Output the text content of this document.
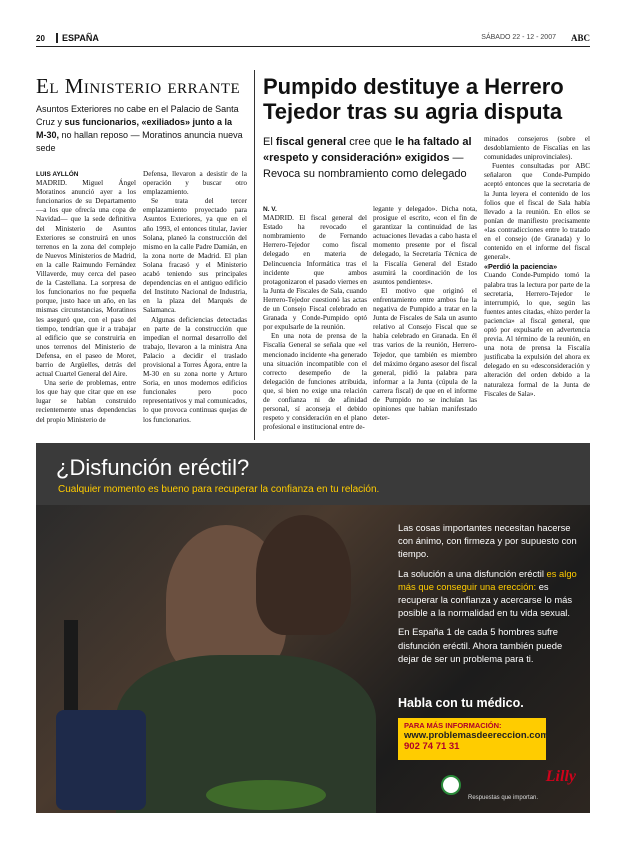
20	ESPAÑA	SÁBADO 22 - 12 - 2007 ABC
El Ministerio errante
Asuntos Exteriores no cabe en el Palacio de Santa Cruz y sus funcionarios, «exiliados» junto a la M-30, no hallan reposo — Moratinos anuncia nueva sede
LUIS AYLLÓN

MADRID. Miguel Ángel Moratinos anunció ayer a los funcionarios de su Departamento —a los que ofrecía una copa de Navidad— que la sede definitiva del Ministerio de Asuntos Exteriores se construirá en unos terrenos en la zona del complejo de Nuevos Ministerios de Madrid, en la calle Raimundo Fernández Villaverde, muy cerca del paseo de la Castellana. La sorpresa de los funcionarios no fue pequeña porque, justo hace un año, en las mismas circunstancias, Moratinos les aseguró que, con el paso del tiempo, tendrían que ir a trabajar al edificio que se construiría en unos terrenos del Ministerio de Defensa, en el paseo de Moret, barrio de Argüelles, detrás del actual Cuartel General del Aire.

Una serie de problemas, entre los que hay que citar que en ese lugar se habían construido recientemente unas dependencias del propio Ministerio de

Defensa, llevaron a desistir de la operación y buscar otro emplazamiento.

Se trata del tercer emplazamiento proyectado para Asuntos Exteriores, ya que en el año 1993, el entonces titular, Javier Solana, planeó la construcción del mismo en la calle Padre Damián, en la zona norte de Madrid. El plan Solana fracasó y el Ministerio acabó teniendo sus principales dependencias en el antiguo edificio del Instituto Nacional de Industria, en la plaza del Marqués de Salamanca.

Algunas deficiencias detectadas en parte de la construcción que impedían el normal desarrollo del trabajo, llevaron a la ministra Ana Palacio a decidir el traslado provisional a Torres Ágora, entre la M-30 en su zona norte y Arturo Soria, en unos modernos edificios funcionales pero poco representativos y mal comunicados, lo que provoca continuas quejas de los funcionarios.

Pumpido destituye a Herrero Tejedor tras su agria disputa
El fiscal general cree que le ha faltado al «respeto y consideración» exigidos — Revoca su nombramiento como delegado
N. V.

MADRID. El fiscal general del Estado ha revocado el nombramiento de Fernando Herrero-Tejedor como fiscal delegado en materia de Delincuencia Informática tras el incidente que ambos protagonizaron el pasado viernes en la Junta de Fiscales de Sala, cuando Herrero-Tejedor cuestionó las actas de un Consejo Fiscal celebrado en Granada y Conde-Pumpido optó por expulsarle de la reunión.

En una nota de prensa de la Fiscalía General se señala que «el mencionado incidente «ha generado una situación incompatible con el correcto desempeño de la delegación de funciones atribuida, que, si bien no exige una relación de confianza ni de afinidad personal, sí aconseja el debido respeto y consideración en el plano profesional e institucional entre de-

legante y delegado». Dicha nota, prosigue el escrito, «con el fin de garantizar la continuidad de las actuaciones llevadas a cabo hasta el momento presente por el fiscal delegado, la Secretaría Técnica de la Fiscalía General del Estado asumirá la coordinación de los asuntos pendientes».

El motivo que originó el enfrentamiento entre ambos fue la negativa de Pumpido a tratar en la Junta de Fiscales de Sala un asunto relativo al Consejo Fiscal que se había celebrado en Granada. En él tras varios de la reunión, Herrero-Tejedor, que también es miembro del máximo órgano asesor del fiscal general, pidió la palabra para informar a la Junta (cúpula de la carrera fiscal) de que en el informe de Pumpido no se incluían las opiniones que habían manifestado deter-

minados consejeros (sobre el desdoblamiento de Fiscalías en las comunidades uniprovinciales).

Fuentes consultadas por ABC señalaron que Conde-Pumpido aceptó entonces que la secretaria de la Junta leyera el contenido de los folios que el fiscal de Sala había llevado a la reunión. En ellos se ponían de manifiesto precisamente «las contradicciones entre lo tratado en el consejo (de Granada) y lo contenido en el informe del fiscal general».

«Perdió la paciencia»

Cuando Conde-Pumpido tomó la palabra tras la lectura por parte de la secretaria, Herrero-Tejedor le interrumpió, lo que, según las fuentes antes citadas, «hizo perder la paciencia» al fiscal general, que optó por expulsarle en advertencia previa. Al término de la reunión, en una nota de prensa la Fiscalía justificaba la expulsión del ahora ex delegado en su «desconsideración y alteración del orden debido a la naturaleza formal de la Junta de Fiscales de Sala».

¿Disfunción eréctil?
Cualquier momento es bueno para recuperar la confianza en tu relación.

Las cosas importantes necesitan hacerse con ánimo, con firmeza y por supuesto con tiempo.

La solución a una disfunción eréctil es algo más que conseguir una erección: es recuperar la confianza y acercarse lo más posible a la normalidad en tu vida sexual.

En España 1 de cada 5 hombres sufre disfunción eréctil. Ahora también puede dejar de ser un problema para ti.

Habla con tu médico.
PARA MÁS INFORMACIÓN:
www.problemasdeereccion.com
902 74 71 31
Lilly
Respuestas que importan.
